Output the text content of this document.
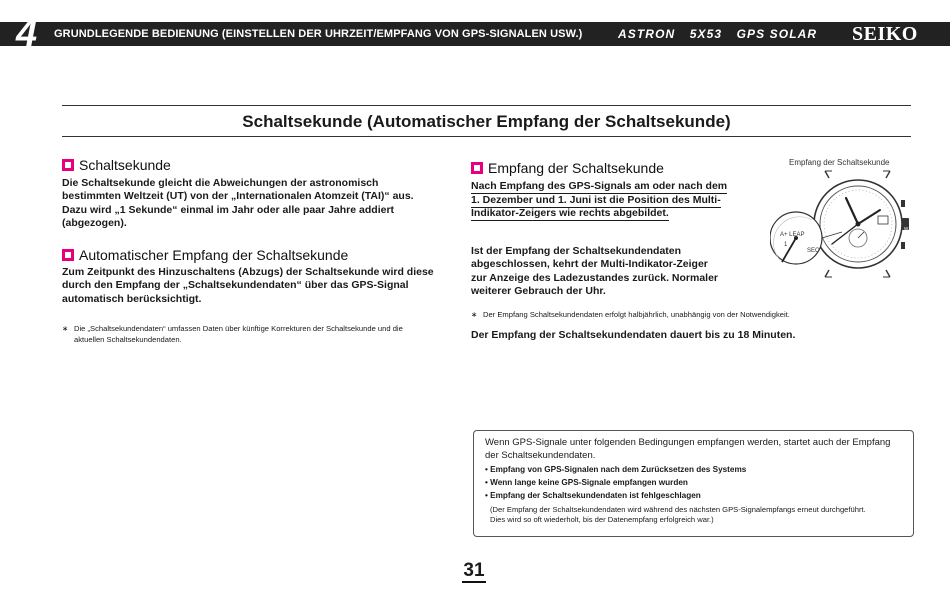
GRUNDLEGENDE BEDIENUNG (EINSTELLEN DER UHRZEIT/EMPFANG VON GPS-SIGNALEN USW.)	ASTRON 5X53 GPS SOLAR	SEIKO
4
Schaltsekunde (Automatischer Empfang der Schaltsekunde)
Schaltsekunde
Die Schaltsekunde gleicht die Abweichungen der astronomisch
bestimmten Weltzeit (UT) von der „Internationalen Atomzeit (TAI)“ aus.
Dazu wird „1 Sekunde“ einmal im Jahr oder alle paar Jahre addiert
(abgezogen).
Automatischer Empfang der Schaltsekunde
Zum Zeitpunkt des Hinzuschaltens (Abzugs) der Schaltsekunde wird diese
durch den Empfang der „Schaltsekundendaten“ über das GPS-Signal
automatisch berücksichtigt.
∗ Die „Schaltsekundendaten“ umfassen Daten über künftige Korrekturen der Schaltsekunde und die
aktuellen Schaltsekundendaten.
Empfang der Schaltsekunde
Nach Empfang des GPS-Signals am oder nach dem
1. Dezember und 1. Juni ist die Position des Multi-
Indikator-Zeigers wie rechts abgebildet.
Ist der Empfang der Schaltsekundendaten
abgeschlossen, kehrt der Multi-Indikator-Zeiger
zur Anzeige des Ladezustandes zurück. Normaler
weiterer Gebrauch der Uhr.
∗ Der Empfang Schaltsekundendaten erfolgt halbjährlich, unabhängig von der Notwendigkeit.
Der Empfang der Schaltsekundendaten dauert bis zu 18 Minuten.
Empfang der Schaltsekunde
A+ LEAP
SEC
1
W
Wenn GPS-Signale unter folgenden Bedingungen empfangen werden, startet auch der Empfang der Schaltsekundendaten.
• Empfang von GPS-Signalen nach dem Zurücksetzen des Systems
• Wenn lange keine GPS-Signale empfangen wurden
• Empfang der Schaltsekundendaten ist fehlgeschlagen
(Der Empfang der Schaltsekundendaten wird während des nächsten GPS-Signalempfangs erneut durchgeführt.
Dies wird so oft wiederholt, bis der Datenempfang erfolgreich war.)
31
